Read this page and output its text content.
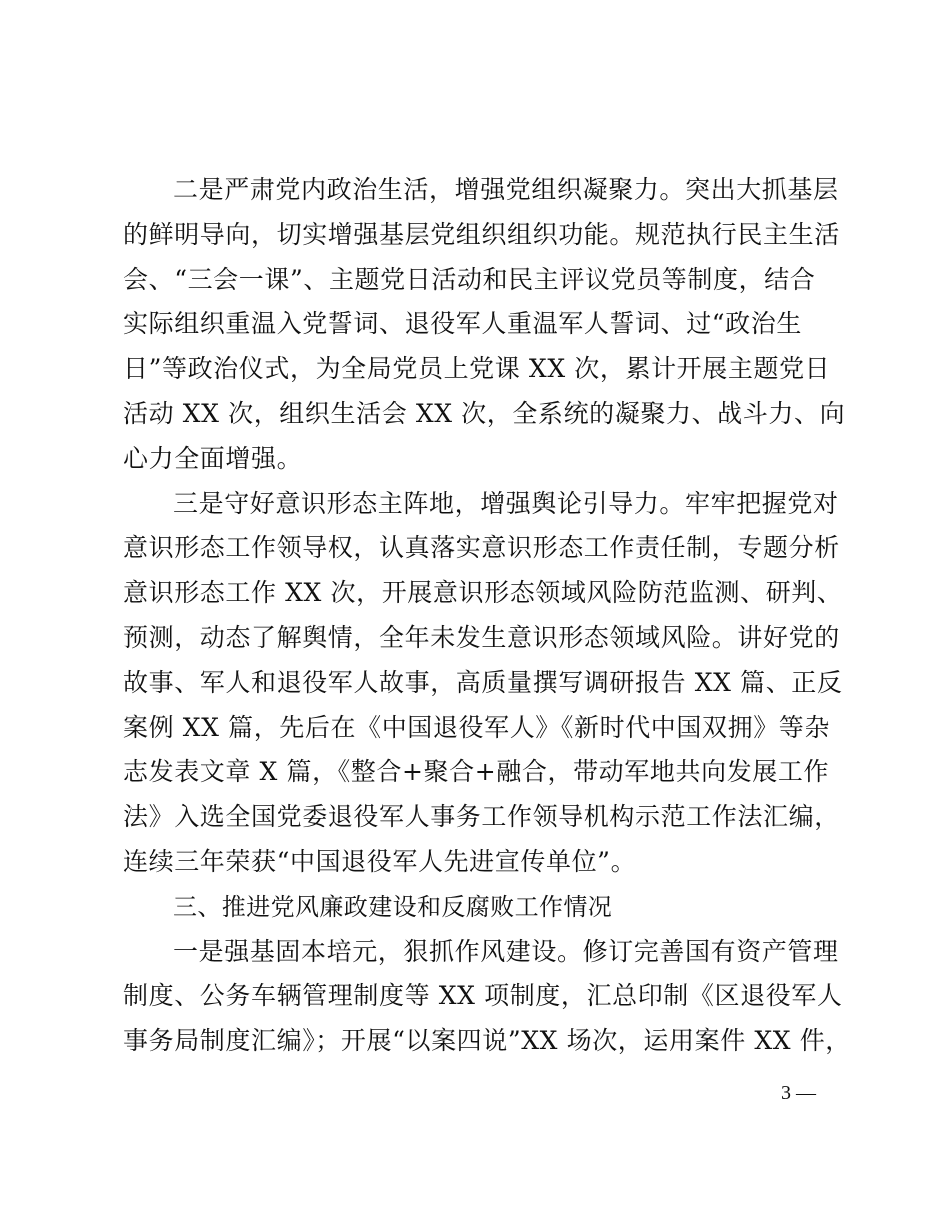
二是严肃党内政治生活，增强党组织凝聚力。突出大抓基层
的鲜明导向，切实增强基层党组织组织功能。规范执行民主生活
会、“三会一课”、主题党日活动和民主评议党员等制度，结合
实际组织重温入党誓词、退役军人重温军人誓词、过“政治生
日”等政治仪式，为全局党员上党课 XX 次，累计开展主题党日
活动 XX 次，组织生活会 XX 次，全系统的凝聚力、战斗力、向
心力全面增强。
三是守好意识形态主阵地，增强舆论引导力。牢牢把握党对
意识形态工作领导权，认真落实意识形态工作责任制，专题分析
意识形态工作 XX 次，开展意识形态领域风险防范监测、研判、
预测，动态了解舆情，全年未发生意识形态领域风险。讲好党的
故事、军人和退役军人故事，高质量撰写调研报告 XX 篇、正反
案例 XX 篇，先后在《中国退役军人》《新时代中国双拥》等杂
志发表文章 X 篇，《整合+聚合+融合，带动军地共向发展工作
法》入选全国党委退役军人事务工作领导机构示范工作法汇编，
连续三年荣获“中国退役军人先进宣传单位”。
三、推进党风廉政建设和反腐败工作情况
一是强基固本培元，狠抓作风建设。修订完善国有资产管理
制度、公务车辆管理制度等 XX 项制度，汇总印制《区退役军人
事务局制度汇编》；开展“以案四说”XX 场次，运用案件 XX 件，
3 —
